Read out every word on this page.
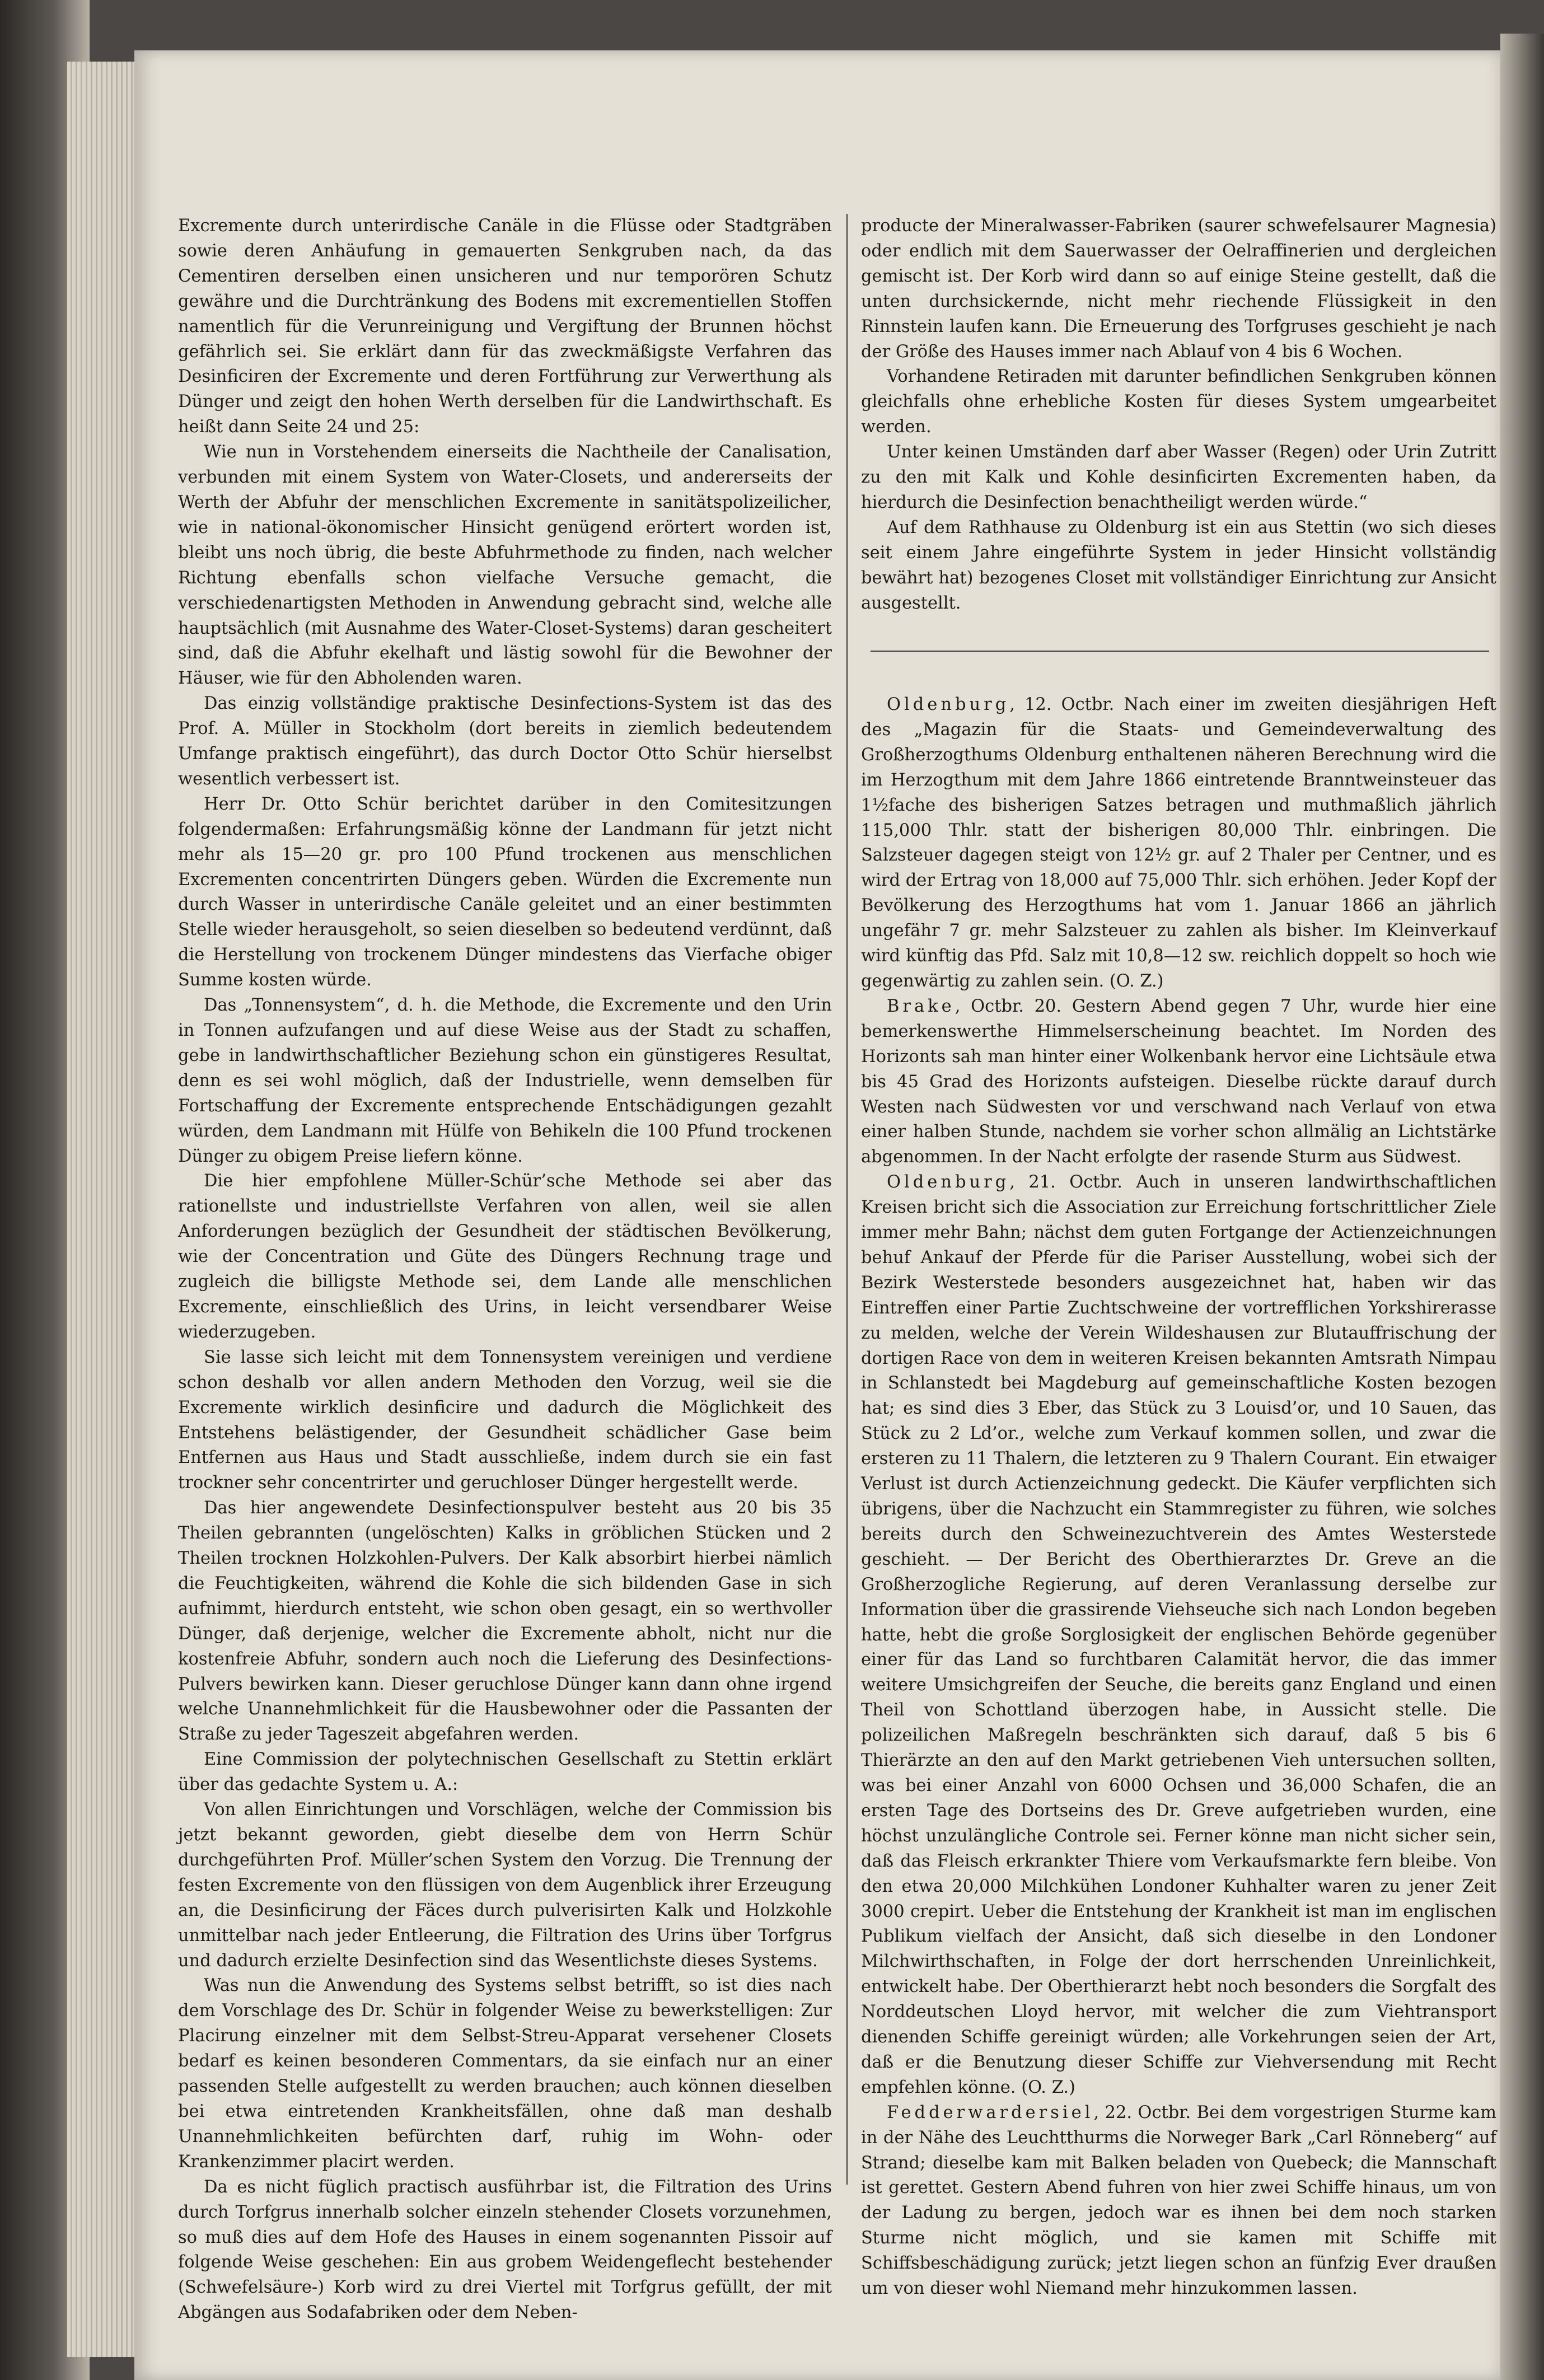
Excremente durch unterirdische Canäle in die Flüsse oder Stadtgräben sowie deren Anhäufung in gemauerten Senkgruben nach, da das Cementiren derselben einen unsicheren und nur temporören Schutz gewähre und die Durchtränkung des Bodens mit excrementiellen Stoffen namentlich für die Verunreinigung und Vergiftung der Brunnen höchst gefährlich sei. Sie erklärt dann für das zweckmäßigste Verfahren das Desinficiren der Excremente und deren Fortführung zur Verwerthung als Dünger und zeigt den hohen Werth derselben für die Landwirthschaft. Es heißt dann Seite 24 und 25:

Wie nun in Vorstehendem einerseits die Nachtheile der Canalisation, verbunden mit einem System von Water-Closets, und andererseits der Werth der Abfuhr der menschlichen Excremente in sanitätspolizeilicher, wie in national-ökonomischer Hinsicht genügend erörtert worden ist, bleibt uns noch übrig, die beste Abfuhrmethode zu finden, nach welcher Richtung ebenfalls schon vielfache Versuche gemacht, die verschiedenartigsten Methoden in Anwendung gebracht sind, welche alle hauptsächlich (mit Ausnahme des Water-Closet-Systems) daran gescheitert sind, daß die Abfuhr ekelhaft und lästig sowohl für die Bewohner der Häuser, wie für den Abholenden waren.

Das einzig vollständige praktische Desinfections-System ist das des Prof. A. Müller in Stockholm (dort bereits in ziemlich bedeutendem Umfange praktisch eingeführt), das durch Doctor Otto Schür hierselbst wesentlich verbessert ist.

Herr Dr. Otto Schür berichtet darüber in den Comitesitzungen folgendermaßen: Erfahrungsmäßig könne der Landmann für jetzt nicht mehr als 15—20 gr. pro 100 Pfund trockenen aus menschlichen Excrementen concentrirten Düngers geben. Würden die Excremente nun durch Wasser in unterirdische Canäle geleitet und an einer bestimmten Stelle wieder herausgeholt, so seien dieselben so bedeutend verdünnt, daß die Herstellung von trockenem Dünger mindestens das Vierfache obiger Summe kosten würde.

Das „Tonnensystem“, d. h. die Methode, die Excremente und den Urin in Tonnen aufzufangen und auf diese Weise aus der Stadt zu schaffen, gebe in landwirthschaftlicher Beziehung schon ein günstigeres Resultat, denn es sei wohl möglich, daß der Industrielle, wenn demselben für Fortschaffung der Excremente entsprechende Entschädigungen gezahlt würden, dem Landmann mit Hülfe von Behikeln die 100 Pfund trockenen Dünger zu obigem Preise liefern könne.

Die hier empfohlene Müller-Schür’sche Methode sei aber das rationellste und industriellste Verfahren von allen, weil sie allen Anforderungen bezüglich der Gesundheit der städtischen Bevölkerung, wie der Concentration und Güte des Düngers Rechnung trage und zugleich die billigste Methode sei, dem Lande alle menschlichen Excremente, einschließlich des Urins, in leicht versendbarer Weise wiederzugeben.

Sie lasse sich leicht mit dem Tonnensystem vereinigen und verdiene schon deshalb vor allen andern Methoden den Vorzug, weil sie die Excremente wirklich desinficire und dadurch die Möglichkeit des Entstehens belästigender, der Gesundheit schädlicher Gase beim Entfernen aus Haus und Stadt ausschließe, indem durch sie ein fast trockner sehr concentrirter und geruchloser Dünger hergestellt werde.

Das hier angewendete Desinfectionspulver besteht aus 20 bis 35 Theilen gebrannten (ungelöschten) Kalks in gröblichen Stücken und 2 Theilen trocknen Holzkohlen-Pulvers. Der Kalk absorbirt hierbei nämlich die Feuchtigkeiten, während die Kohle die sich bildenden Gase in sich aufnimmt, hierdurch entsteht, wie schon oben gesagt, ein so werthvoller Dünger, daß derjenige, welcher die Excremente abholt, nicht nur die kostenfreie Abfuhr, sondern auch noch die Lieferung des Desinfections-Pulvers bewirken kann. Dieser geruchlose Dünger kann dann ohne irgend welche Unannehmlichkeit für die Hausbewohner oder die Passanten der Straße zu jeder Tageszeit abgefahren werden.

Eine Commission der polytechnischen Gesellschaft zu Stettin erklärt über das gedachte System u. A.:

Von allen Einrichtungen und Vorschlägen, welche der Commission bis jetzt bekannt geworden, giebt dieselbe dem von Herrn Schür durchgeführten Prof. Müller’schen System den Vorzug. Die Trennung der festen Excremente von den flüssigen von dem Augenblick ihrer Erzeugung an, die Desinficirung der Fäces durch pulverisirten Kalk und Holzkohle unmittelbar nach jeder Entleerung, die Filtration des Urins über Torfgrus und dadurch erzielte Desinfection sind das Wesentlichste dieses Systems.

Was nun die Anwendung des Systems selbst betrifft, so ist dies nach dem Vorschlage des Dr. Schür in folgender Weise zu bewerkstelligen: Zur Placirung einzelner mit dem Selbst-Streu-Apparat versehener Closets bedarf es keinen besonderen Commentars, da sie einfach nur an einer passenden Stelle aufgestellt zu werden brauchen; auch können dieselben bei etwa eintretenden Krankheitsfällen, ohne daß man deshalb Unannehmlichkeiten befürchten darf, ruhig im Wohn- oder Krankenzimmer placirt werden.

Da es nicht füglich practisch ausführbar ist, die Filtration des Urins durch Torfgrus innerhalb solcher einzeln stehender Closets vorzunehmen, so muß dies auf dem Hofe des Hauses in einem sogenannten Pissoir auf folgende Weise geschehen: Ein aus grobem Weidengeflecht bestehender (Schwefelsäure-) Korb wird zu drei Viertel mit Torfgrus gefüllt, der mit Abgängen aus Sodafabriken oder dem Neben-

producte der Mineralwasser-Fabriken (saurer schwefelsaurer Magnesia) oder endlich mit dem Sauerwasser der Oelraffinerien und dergleichen gemischt ist. Der Korb wird dann so auf einige Steine gestellt, daß die unten durchsickernde, nicht mehr riechende Flüssigkeit in den Rinnstein laufen kann. Die Erneuerung des Torfgruses geschieht je nach der Größe des Hauses immer nach Ablauf von 4 bis 6 Wochen.

Vorhandene Retiraden mit darunter befindlichen Senkgruben können gleichfalls ohne erhebliche Kosten für dieses System umgearbeitet werden.

Unter keinen Umständen darf aber Wasser (Regen) oder Urin Zutritt zu den mit Kalk und Kohle desinficirten Excrementen haben, da hierdurch die Desinfection benachtheiligt werden würde.“

Auf dem Rathhause zu Oldenburg ist ein aus Stettin (wo sich dieses seit einem Jahre eingeführte System in jeder Hinsicht vollständig bewährt hat) bezogenes Closet mit vollständiger Einrichtung zur Ansicht ausgestellt.

Oldenburg, 12. Octbr. Nach einer im zweiten diesjährigen Heft des „Magazin für die Staats- und Gemeindeverwaltung des Großherzogthums Oldenburg enthaltenen näheren Berechnung wird die im Herzogthum mit dem Jahre 1866 eintretende Branntweinsteuer das 1½fache des bisherigen Satzes betragen und muthmaßlich jährlich 115,000 Thlr. statt der bisherigen 80,000 Thlr. einbringen. Die Salzsteuer dagegen steigt von 12½ gr. auf 2 Thaler per Centner, und es wird der Ertrag von 18,000 auf 75,000 Thlr. sich erhöhen. Jeder Kopf der Bevölkerung des Herzogthums hat vom 1. Januar 1866 an jährlich ungefähr 7 gr. mehr Salzsteuer zu zahlen als bisher. Im Kleinverkauf wird künftig das Pfd. Salz mit 10,8—12 sw. reichlich doppelt so hoch wie gegenwärtig zu zahlen sein. (O. Z.)

Brake, Octbr. 20. Gestern Abend gegen 7 Uhr, wurde hier eine bemerkenswerthe Himmelserscheinung beachtet. Im Norden des Horizonts sah man hinter einer Wolkenbank hervor eine Lichtsäule etwa bis 45 Grad des Horizonts aufsteigen. Dieselbe rückte darauf durch Westen nach Südwesten vor und verschwand nach Verlauf von etwa einer halben Stunde, nachdem sie vorher schon allmälig an Lichtstärke abgenommen. In der Nacht erfolgte der rasende Sturm aus Südwest.

Oldenburg, 21. Octbr. Auch in unseren landwirthschaftlichen Kreisen bricht sich die Association zur Erreichung fortschrittlicher Ziele immer mehr Bahn; nächst dem guten Fortgange der Actienzeichnungen behuf Ankauf der Pferde für die Pariser Ausstellung, wobei sich der Bezirk Westerstede besonders ausgezeichnet hat, haben wir das Eintreffen einer Partie Zuchtschweine der vortrefflichen Yorkshirerasse zu melden, welche der Verein Wildeshausen zur Blutauffrischung der dortigen Race von dem in weiteren Kreisen bekannten Amtsrath Nimpau in Schlanstedt bei Magdeburg auf gemeinschaftliche Kosten bezogen hat; es sind dies 3 Eber, das Stück zu 3 Louisd’or, und 10 Sauen, das Stück zu 2 Ld’or., welche zum Verkauf kommen sollen, und zwar die ersteren zu 11 Thalern, die letzteren zu 9 Thalern Courant. Ein etwaiger Verlust ist durch Actienzeichnung gedeckt. Die Käufer verpflichten sich übrigens, über die Nachzucht ein Stammregister zu führen, wie solches bereits durch den Schweinezuchtverein des Amtes Westerstede geschieht. — Der Bericht des Oberthierarztes Dr. Greve an die Großherzogliche Regierung, auf deren Veranlassung derselbe zur Information über die grassirende Viehseuche sich nach London begeben hatte, hebt die große Sorglosigkeit der englischen Behörde gegenüber einer für das Land so furchtbaren Calamität hervor, die das immer weitere Umsichgreifen der Seuche, die bereits ganz England und einen Theil von Schottland überzogen habe, in Aussicht stelle. Die polizeilichen Maßregeln beschränkten sich darauf, daß 5 bis 6 Thierärzte an den auf den Markt getriebenen Vieh untersuchen sollten, was bei einer Anzahl von 6000 Ochsen und 36,000 Schafen, die an ersten Tage des Dortseins des Dr. Greve aufgetrieben wurden, eine höchst unzulängliche Controle sei. Ferner könne man nicht sicher sein, daß das Fleisch erkrankter Thiere vom Verkaufsmarkte fern bleibe. Von den etwa 20,000 Milchkühen Londoner Kuhhalter waren zu jener Zeit 3000 crepirt. Ueber die Entstehung der Krankheit ist man im englischen Publikum vielfach der Ansicht, daß sich dieselbe in den Londoner Milchwirthschaften, in Folge der dort herrschenden Unreinlichkeit, entwickelt habe. Der Oberthierarzt hebt noch besonders die Sorgfalt des Norddeutschen Lloyd hervor, mit welcher die zum Viehtransport dienenden Schiffe gereinigt würden; alle Vorkehrungen seien der Art, daß er die Benutzung dieser Schiffe zur Viehversendung mit Recht empfehlen könne. (O. Z.)

Fedderwardersiel, 22. Octbr. Bei dem vorgestrigen Sturme kam in der Nähe des Leuchtthurms die Norweger Bark „Carl Rönneberg“ auf Strand; dieselbe kam mit Balken beladen von Quebeck; die Mannschaft ist gerettet. Gestern Abend fuhren von hier zwei Schiffe hinaus, um von der Ladung zu bergen, jedoch war es ihnen bei dem noch starken Sturme nicht möglich, und sie kamen mit Schiffe mit Schiffsbeschädigung zurück; jetzt liegen schon an fünfzig Ever draußen um von dieser wohl Niemand mehr hinzukommen lassen.
